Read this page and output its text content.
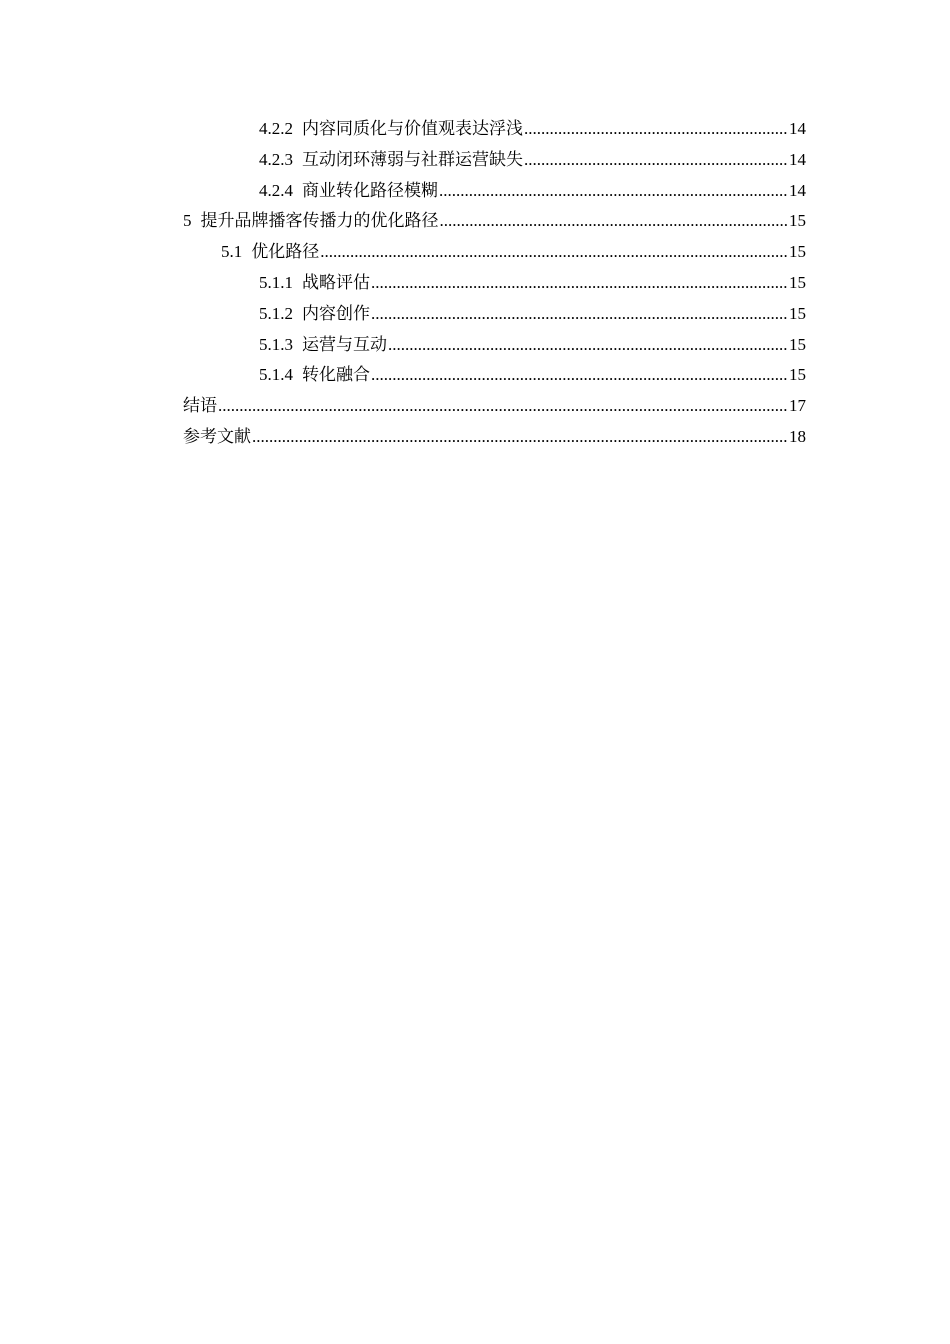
4.2.2 内容同质化与价值观表达浮浅 .....	14
4.2.3 互动闭环薄弱与社群运营缺失 .....	14
4.2.4 商业转化路径模糊 .....	14
5 提升品牌播客传播力的优化路径 .....	15
5.1 优化路径 .....	15
5.1.1 战略评估 .....	15
5.1.2 内容创作 .....	15
5.1.3 运营与互动 .....	15
5.1.4 转化融合 .....	15
结语 .....	17
参考文献 .....	18
